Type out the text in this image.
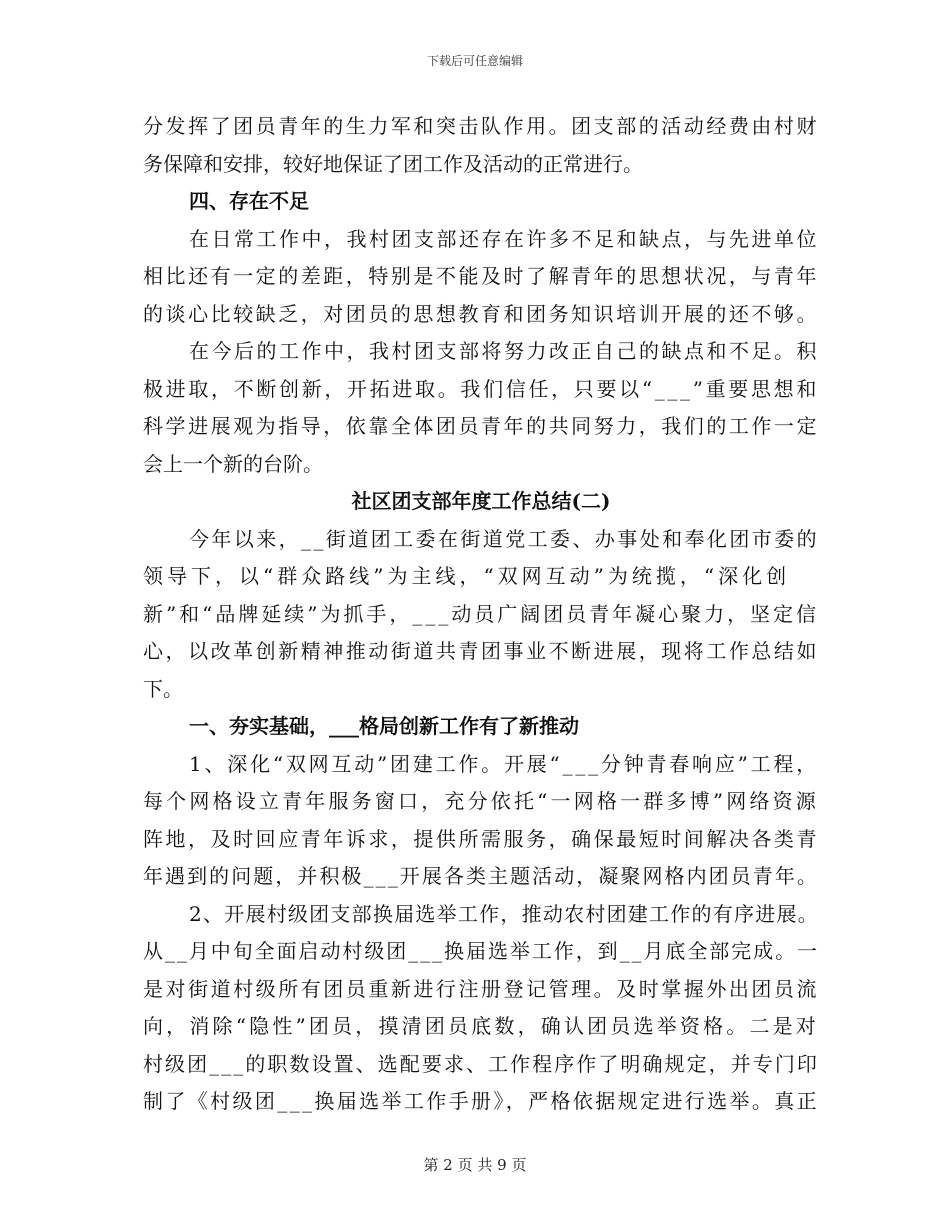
下载后可任意编辑
分发挥了团员青年的生力军和突击队作用。团支部的活动经费由村财
务保障和安排，较好地保证了团工作及活动的正常进行。
四、存在不足
在日常工作中，我村团支部还存在许多不足和缺点，与先进单位
相比还有一定的差距，特别是不能及时了解青年的思想状况，与青年
的谈心比较缺乏，对团员的思想教育和团务知识培训开展的还不够。
在今后的工作中，我村团支部将努力改正自己的缺点和不足。积
极进取，不断创新，开拓进取。我们信任，只要以“___”重要思想和
科学进展观为指导，依靠全体团员青年的共同努力，我们的工作一定
会上一个新的台阶。
社区团支部年度工作总结(二)
今年以来，__街道团工委在街道党工委、办事处和奉化团市委的
领导下，以“群众路线”为主线，“双网互动”为统揽，“深化创
新”和“品牌延续”为抓手，___动员广阔团员青年凝心聚力，坚定信
心，以改革创新精神推动街道共青团事业不断进展，现将工作总结如
下。
一、夯实基础，___格局创新工作有了新推动
1、深化“双网互动”团建工作。开展“___分钟青春响应”工程，
每个网格设立青年服务窗口，充分依托“一网格一群多博”网络资源
阵地，及时回应青年诉求，提供所需服务，确保最短时间解决各类青
年遇到的问题，并积极___开展各类主题活动，凝聚网格内团员青年。
2、开展村级团支部换届选举工作，推动农村团建工作的有序进展。
从__月中旬全面启动村级团___换届选举工作，到__月底全部完成。一
是对街道村级所有团员重新进行注册登记管理。及时掌握外出团员流
向，消除“隐性”团员，摸清团员底数，确认团员选举资格。二是对
村级团___的职数设置、选配要求、工作程序作了明确规定，并专门印
制了《村级团___换届选举工作手册》，严格依据规定进行选举。真正
第 2 页 共 9 页
